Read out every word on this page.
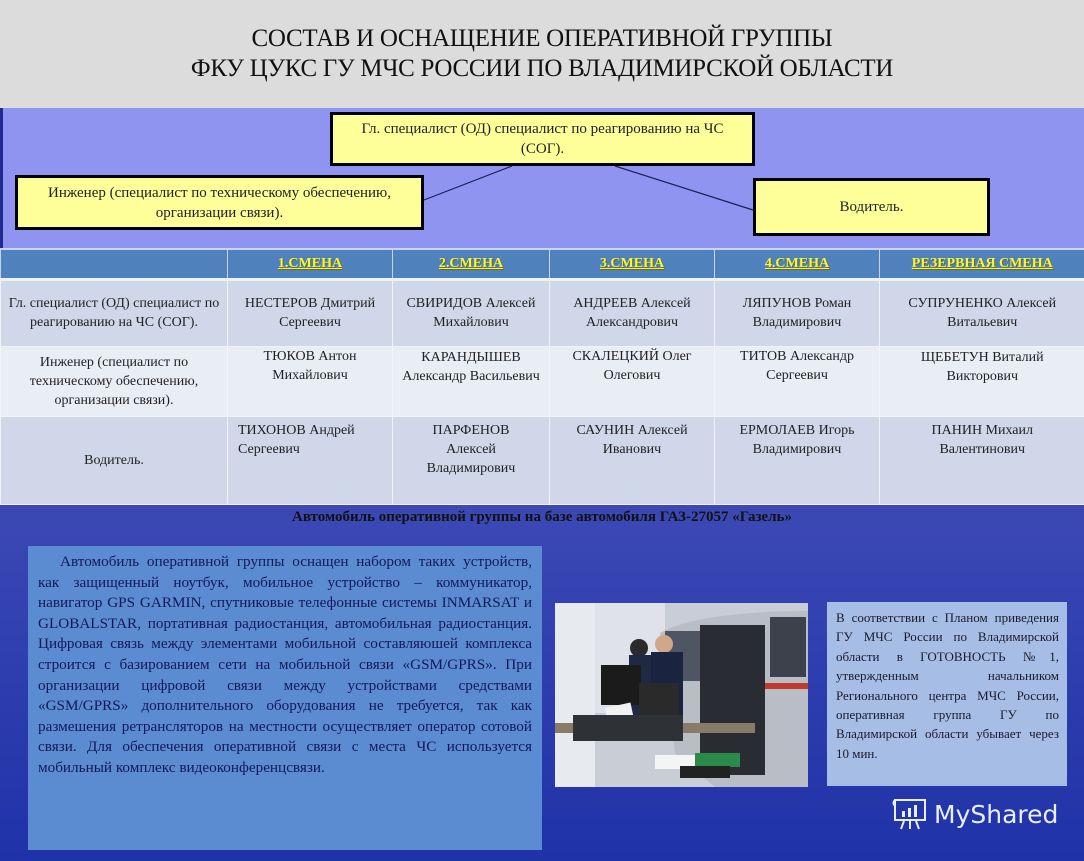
СОСТАВ И ОСНАЩЕНИЕ ОПЕРАТИВНОЙ ГРУППЫ
ФКУ ЦУКС ГУ МЧС РОССИИ ПО ВЛАДИМИРСКОЙ ОБЛАСТИ
Гл. специалист (ОД) специалист по реагированию на ЧС (СОГ).
Инженер (специалист по техническому обеспечению, организации связи).	Водитель.
	1.СМЕНА	2.СМЕНА	3.СМЕНА	4.СМЕНА	РЕЗЕРВНАЯ СМЕНА
Гл. специалист (ОД) специалист по реагированию на ЧС (СОГ).	НЕСТЕРОВ Дмитрий Сергеевич	СВИРИДОВ Алексей Михайлович	АНДРЕЕВ Алексей Александрович	ЛЯПУНОВ Роман Владимирович	СУПРУНЕНКО Алексей Витальевич
Инженер (специалист по техническому обеспечению, организации связи).	ТЮКОВ Антон Михайлович	КАРАНДЫШЕВ Александр Васильевич	СКАЛЕЦКИЙ Олег Олегович	ТИТОВ Александр Сергеевич	ЩЕБЕТУН Виталий Викторович
Водитель.	ТИХОНОВ Андрей Сергеевич	ПАРФЕНОВ Алексей Владимирович	САУНИН Алексей Иванович	ЕРМОЛАЕВ Игорь Владимирович	ПАНИН Михаил Валентинович
Автомобиль оперативной группы на базе автомобиля ГАЗ-27057 «Газель»

Автомобиль оперативной группы оснащен набором таких устройств, как защищенный ноутбук, мобильное устройство – коммуникатор, навигатор GPS GARMIN, спутниковые телефонные системы INMARSAT и GLOBALSTAR, портативная радиостанция, автомобильная радиостанция. Цифровая связь между элементами мобильной составляюшей комплекса строится с базированием сети на мобильной связи «GSM/GPRS». При организации цифровой связи между устройствами средствами «GSM/GPRS» дополнительного оборудования не требуется, так как размешения ретрансляторов на местности осуществляет оператор сотовой связи. Для обеспечения оперативной связи с места ЧС используется мобильный комплекс видеоконференцсвязи.

В соответствии с Планом приведения ГУ МЧС России по Владимирской области в ГОТОВНОСТЬ №1, утвержденным начальником Регионального центра МЧС России, оперативная группа ГУ по Владимирской области убывает через 10 мин.
MyShared
